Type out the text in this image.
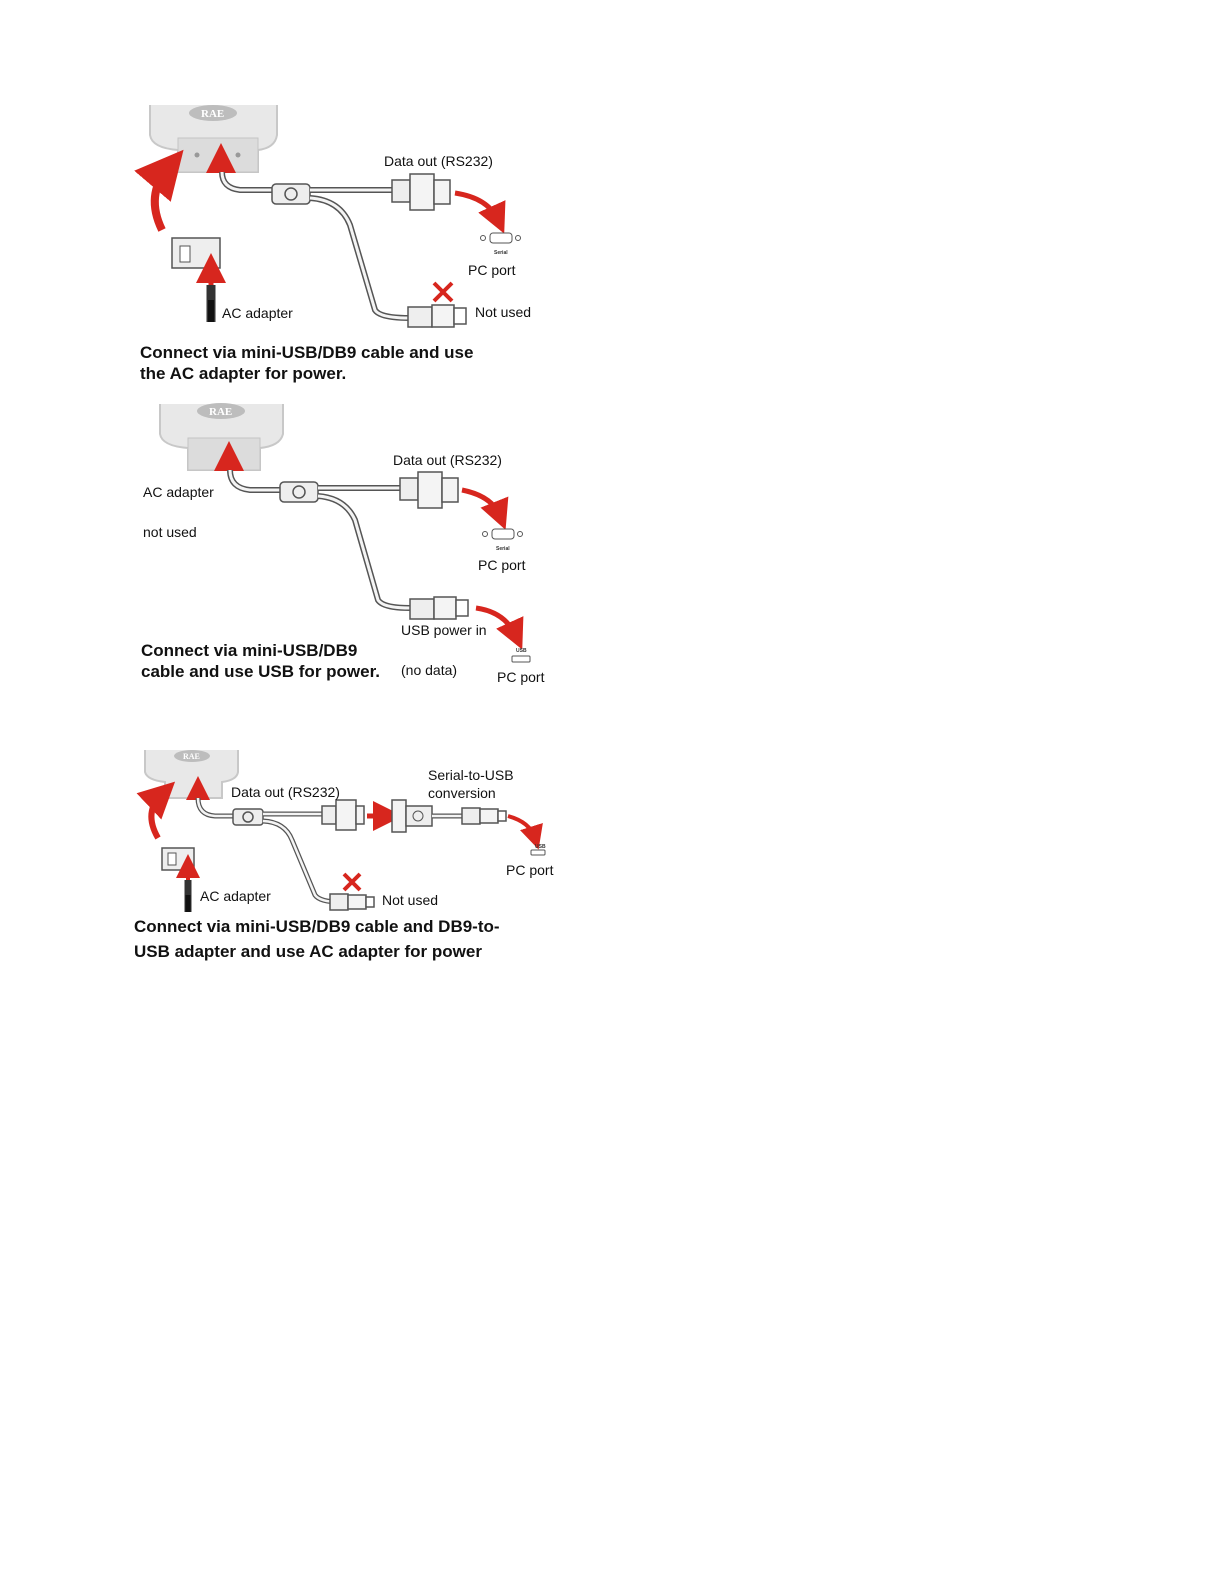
RAE
RAE
RAE
Data out (RS232)
Serial
PC port
AC adapter	Not used
Connect via mini-USB/DB9 cable and use
the AC adapter for power.
Data out (RS232)
AC adapter
not used
Serial
PC port
USB power in
USB
Connect via mini-USB/DB9
cable and use USB for power. (no data)	PC port
Serial-to-USB
conversion
Data out (RS232)
USB
PC port
AC adapter	Not used
Connect via mini-USB/DB9 cable and DB9-to-
USB adapter and use AC adapter for power
